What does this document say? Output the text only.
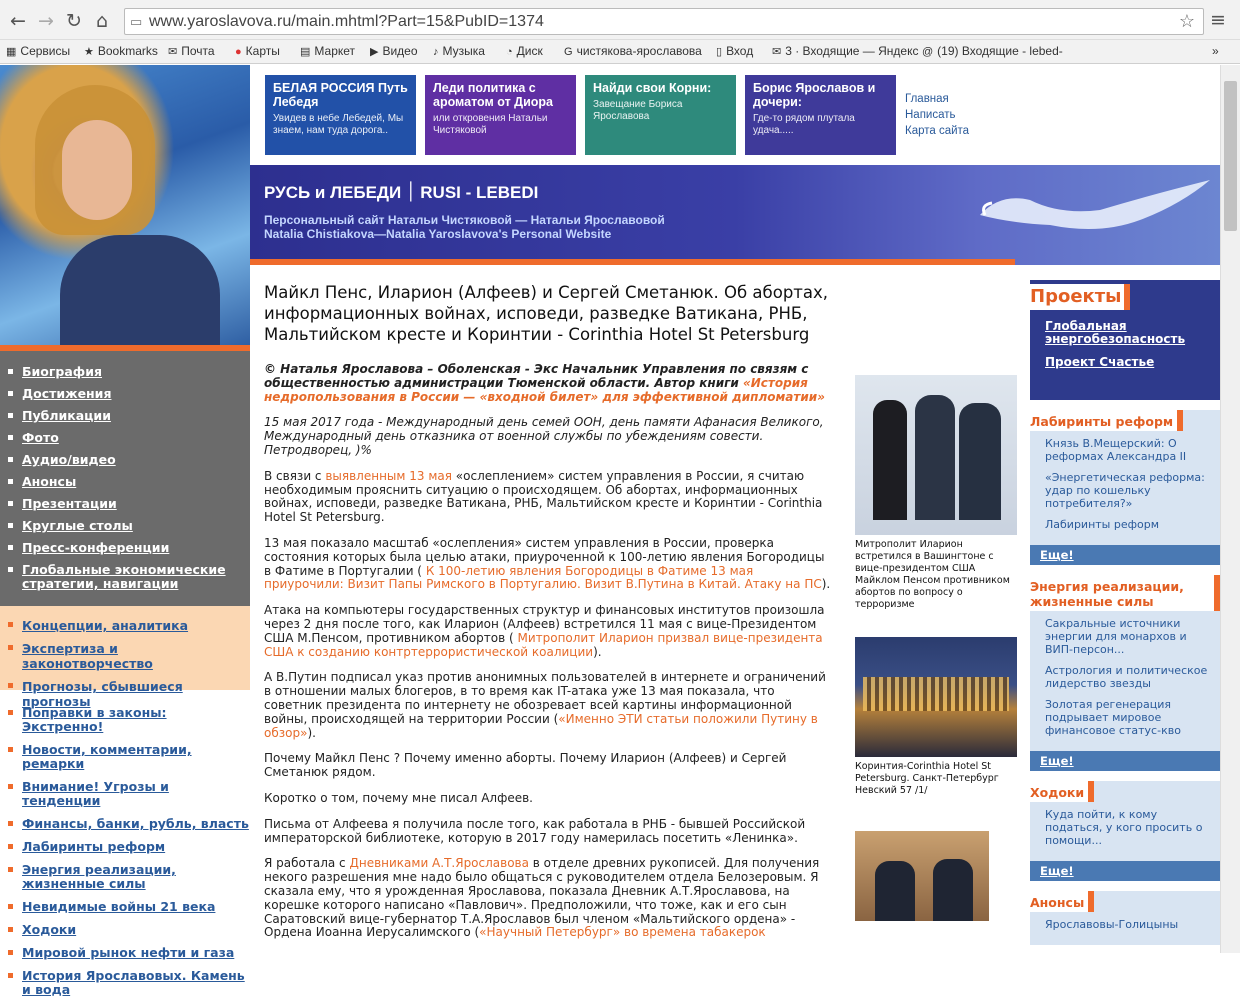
← → ↻ ⌂	▭ www.yaroslavova.ru/main.mhtml?Part=15&PubID=1374	☆ ≡
▦ Сервисы ★ Bookmarks ✉ Почта ● Карты ▤ Маркет ▶ Видео ♪ Музыка ◔ Диск G чистякова-ярославова ▯ Вход ✉ 3 · Входящие — Яндекс @ (19) Входящие - lebed-	»
Биография
Достижения
Публикации
Фото
Аудио/видео
Анонсы
Презентации
Круглые столы
Пресс-конференции
Глобальные экономические стратегии, навигации
Концепции, аналитика
Экспертиза и законотворчество
Прогнозы, сбывшиеся прогнозы
Поправки в законы: Экстренно!
Новости, комментарии, ремарки
Внимание! Угрозы и тенденции
Финансы, банки, рубль, власть
Лабиринты реформ
Энергия реализации, жизненные силы
Невидимые войны 21 века
Ходоки
Мировой рынок нефти и газа
История Ярославовых. Камень и вода
БЕЛАЯ РОССИЯ Путь Лебедя
Увидев в небе Лебедей, Мы знаем, нам туда дорога..
Леди политика с ароматом от Диора
или откровения Натальи Чистяковой
Найди свои Корни:
Завещание Бориса Ярославова
Борис Ярославов и дочери:
Где-то рядом плутала удача.....
Главная
Написать
Карта сайта
РУСЬ и ЛЕБЕДИ ׀ RUSI - LEBEDI
Персональный сайт Натальи Чистяковой — Натальи Ярославовой
Natalia Chistiakova—Natalia Yaroslavova's Personal Website
Майкл Пенс, Иларион (Алфеев) и Сергей Сметанюк. Об абортах, информационных войнах, исповеди, разведке Ватикана, РНБ, Мальтийском кресте и Коринтии - Corinthia Hotel St Petersburg

© Наталья Ярославова – Оболенская - Экс Начальник Управления по связям с общественностью администрации Тюменской области. Автор книги «История недропользования в России — «входной билет» для эффективной дипломатии»

15 мая 2017 года - Международный день семей ООН, день памяти Афанасия Великого, Международный день отказника от военной службы по убеждениям совести. Петродворец, )%

В связи с выявленным 13 мая «ослеплением» систем управления в России, я считаю необходимым прояснить ситуацию о происходящем. Об абортах, информационных войнах, исповеди, разведке Ватикана, РНБ, Мальтийском кресте и Коринтии - Corinthia Hotel St Petersburg.

13 мая показало масштаб «ослепления» систем управления в России, проверка состояния которых была целью атаки, приуроченной к 100-летию явления Богородицы в Фатиме в Португалии ( К 100-летию явления Богородицы в Фатиме 13 мая приурочили: Визит Папы Римского в Португалию. Визит В.Путина в Китай. Атаку на ПС).

Атака на компьютеры государственных структур и финансовых институтов произошла через 2 дня после того, как Иларион (Алфеев) встретился 11 мая с вице-Президентом США М.Пенсом, противником абортов ( Митрополит Иларион призвал вице-президента США к созданию контртеррористической коалиции).

А В.Путин подписал указ против анонимных пользователей в интернете и ограничений в отношении малых блогеров, в то время как IT-атака уже 13 мая показала, что советник президента по интернету не обозревает всей картины информационной войны, происходящей на территории России («Именно ЭТИ статьи положили Путину в обзор»).

Почему Майкл Пенс ? Почему именно аборты. Почему Иларион (Алфеев) и Сергей Сметанюк рядом.

Коротко о том, почему мне писал Алфеев.

Письма от Алфеева я получила после того, как работала в РНБ - бывшей Российской императорской библиотеке, которую в 2017 году намерилась посетить «Ленинка».

Я работала с Дневниками А.Т.Ярославова в отделе древних рукописей. Для получения некого разрешения мне надо было общаться с руководителем отдела Белозеровым. Я сказала ему, что я урожденная Ярославова, показала Дневник А.Т.Ярославова, на корешке которого написано «Павлович». Предположили, что тоже, как и его сын Саратовский вице-губернатор Т.А.Ярославов был членом «Мальтийского ордена» - Ордена Иоанна Иерусалимского («Научный Петербург» во времена табакерок

Митрополит Иларион встретился в Вашингтоне с вице-президентом США Майклом Пенсом противником абортов по вопросу о терроризме
Коринтия-Corinthia Hotel St Petersburg. Санкт-Петербург Невский 57 /1/
Проекты
Глобальная энергобезопасность
Проект Счастье
Лабиринты реформ
Князь В.Мещерский: О реформах Александра II
«Энергетическая реформа: удар по кошельку потребителя?»
Лабиринты реформ
Еще!
Энергия реализации, жизненные силы
Сакральные источники энергии для монархов и ВИП-персон...
Астрология и политическое лидерство звезды
Золотая регенерация подрывает мировое финансовое статус-кво
Еще!
Ходоки
Куда пойти, к кому податься, у кого просить о помощи...
Еще!
Анонсы
Ярославовы-Голицыны
